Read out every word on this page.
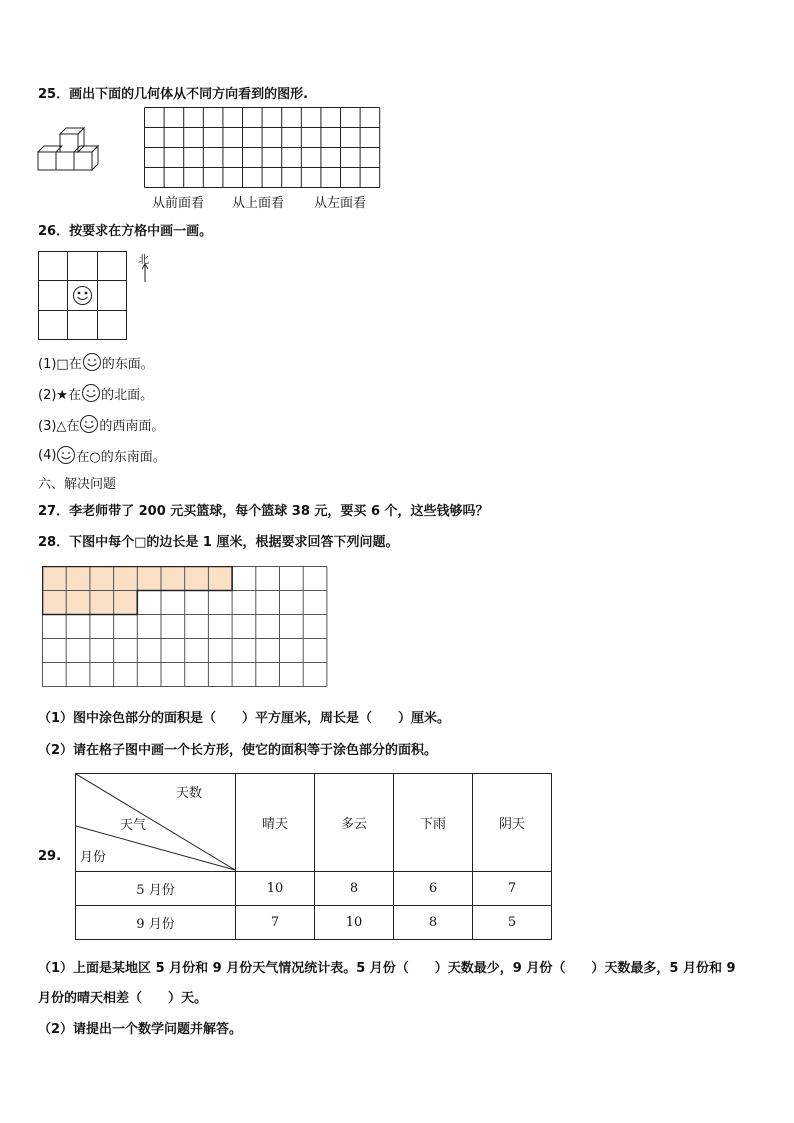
25．画出下面的几何体从不同方向看到的图形.
从前面看 从上面看 从左面看
26．按要求在方格中画一画。
北
(1)□在 的东面。
(2)★在 的北面。
(3)△在 的西南面。
(4) 在○的东南面。
六、解决问题
27．李老师带了 200 元买篮球，每个篮球 38 元，要买 6 个，这些钱够吗？
28．下图中每个□的边长是 1 厘米，根据要求回答下列问题。
（1）图中涂色部分的面积是（　　）平方厘米，周长是（　　）厘米。
（2）请在格子图中画一个长方形，使它的面积等于涂色部分的面积。
29.
天数
天气
月份	晴天	多云	下雨	阴天
5 月份	10	8	6	7
9 月份	7	10	8	5
（1）上面是某地区 5 月份和 9 月份天气情况统计表。5 月份（　　）天数最少，9 月份（　　）天数最多，5 月份和 9
月份的晴天相差（　　）天。
（2）请提出一个数学问题并解答。
